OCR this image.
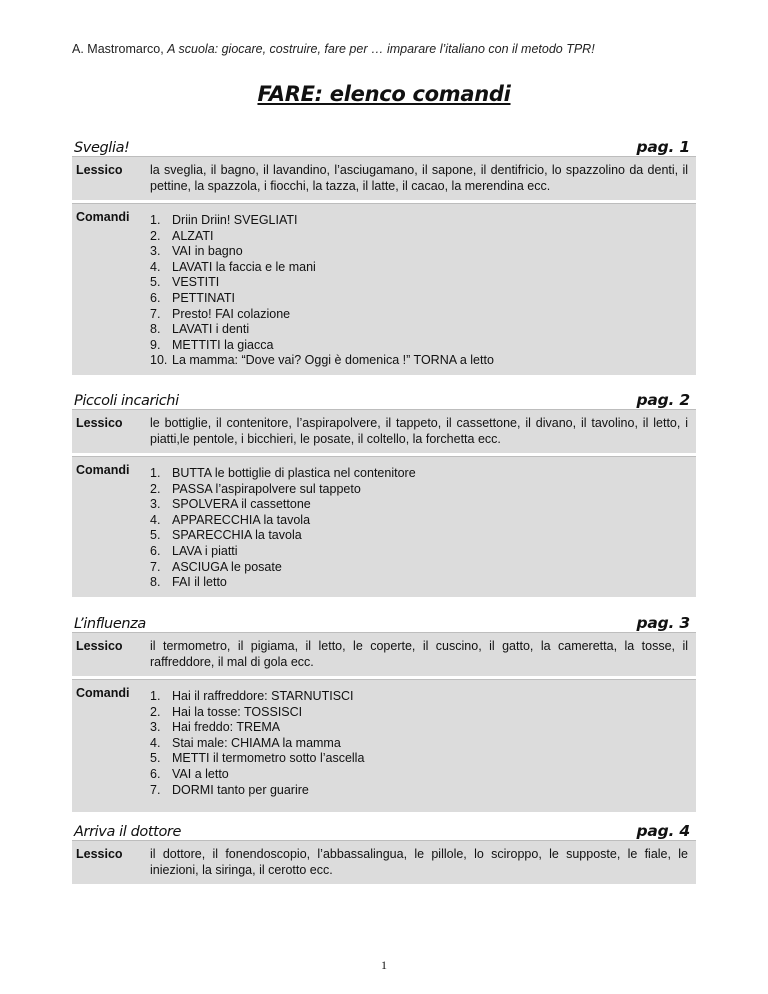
A. Mastromarco, A scuola: giocare, costruire, fare per … imparare l’italiano con il metodo TPR!
FARE: elenco comandi
Sveglia!	pag. 1
Lessico	la sveglia, il bagno, il lavandino, l’asciugamano, il sapone, il dentifricio, lo spazzolino da denti, il pettine, la spazzola, i fiocchi, la tazza, il latte, il cacao, la merendina ecc.
Comandi	1. Driin Driin! SVEGLIATI
2. ALZATI
3. VAI in bagno
4. LAVATI la faccia e le mani
5. VESTITI
6. PETTINATI
7. Presto! FAI colazione
8. LAVATI i denti
9. METTITI la giacca
10. La mamma: “Dove vai? Oggi è domenica !” TORNA a letto
Piccoli incarichi	pag. 2
Lessico	le bottiglie, il contenitore, l’aspirapolvere, il tappeto, il cassettone, il divano, il tavolino, il letto, i piatti,le pentole, i bicchieri, le posate, il coltello, la forchetta ecc.
Comandi	1. BUTTA le bottiglie di plastica nel contenitore
2. PASSA l’aspirapolvere sul tappeto
3. SPOLVERA il cassettone
4. APPARECCHIA la tavola
5. SPARECCHIA la tavola
6. LAVA i piatti
7. ASCIUGA le posate
8. FAI il letto
L’influenza	pag. 3
Lessico	il termometro, il pigiama, il letto, le coperte, il cuscino, il gatto, la cameretta, la tosse, il raffreddore, il mal di gola ecc.
Comandi	1. Hai il raffreddore: STARNUTISCI
2. Hai la tosse: TOSSISCI
3. Hai freddo: TREMA
4. Stai male: CHIAMA la mamma
5. METTI il termometro sotto l’ascella
6. VAI a letto
7. DORMI tanto per guarire
Arriva il dottore	pag. 4
Lessico	il dottore, il fonendoscopio, l’abbassalingua, le pillole, lo sciroppo, le supposte, le fiale, le iniezioni, la siringa, il cerotto ecc.
1
